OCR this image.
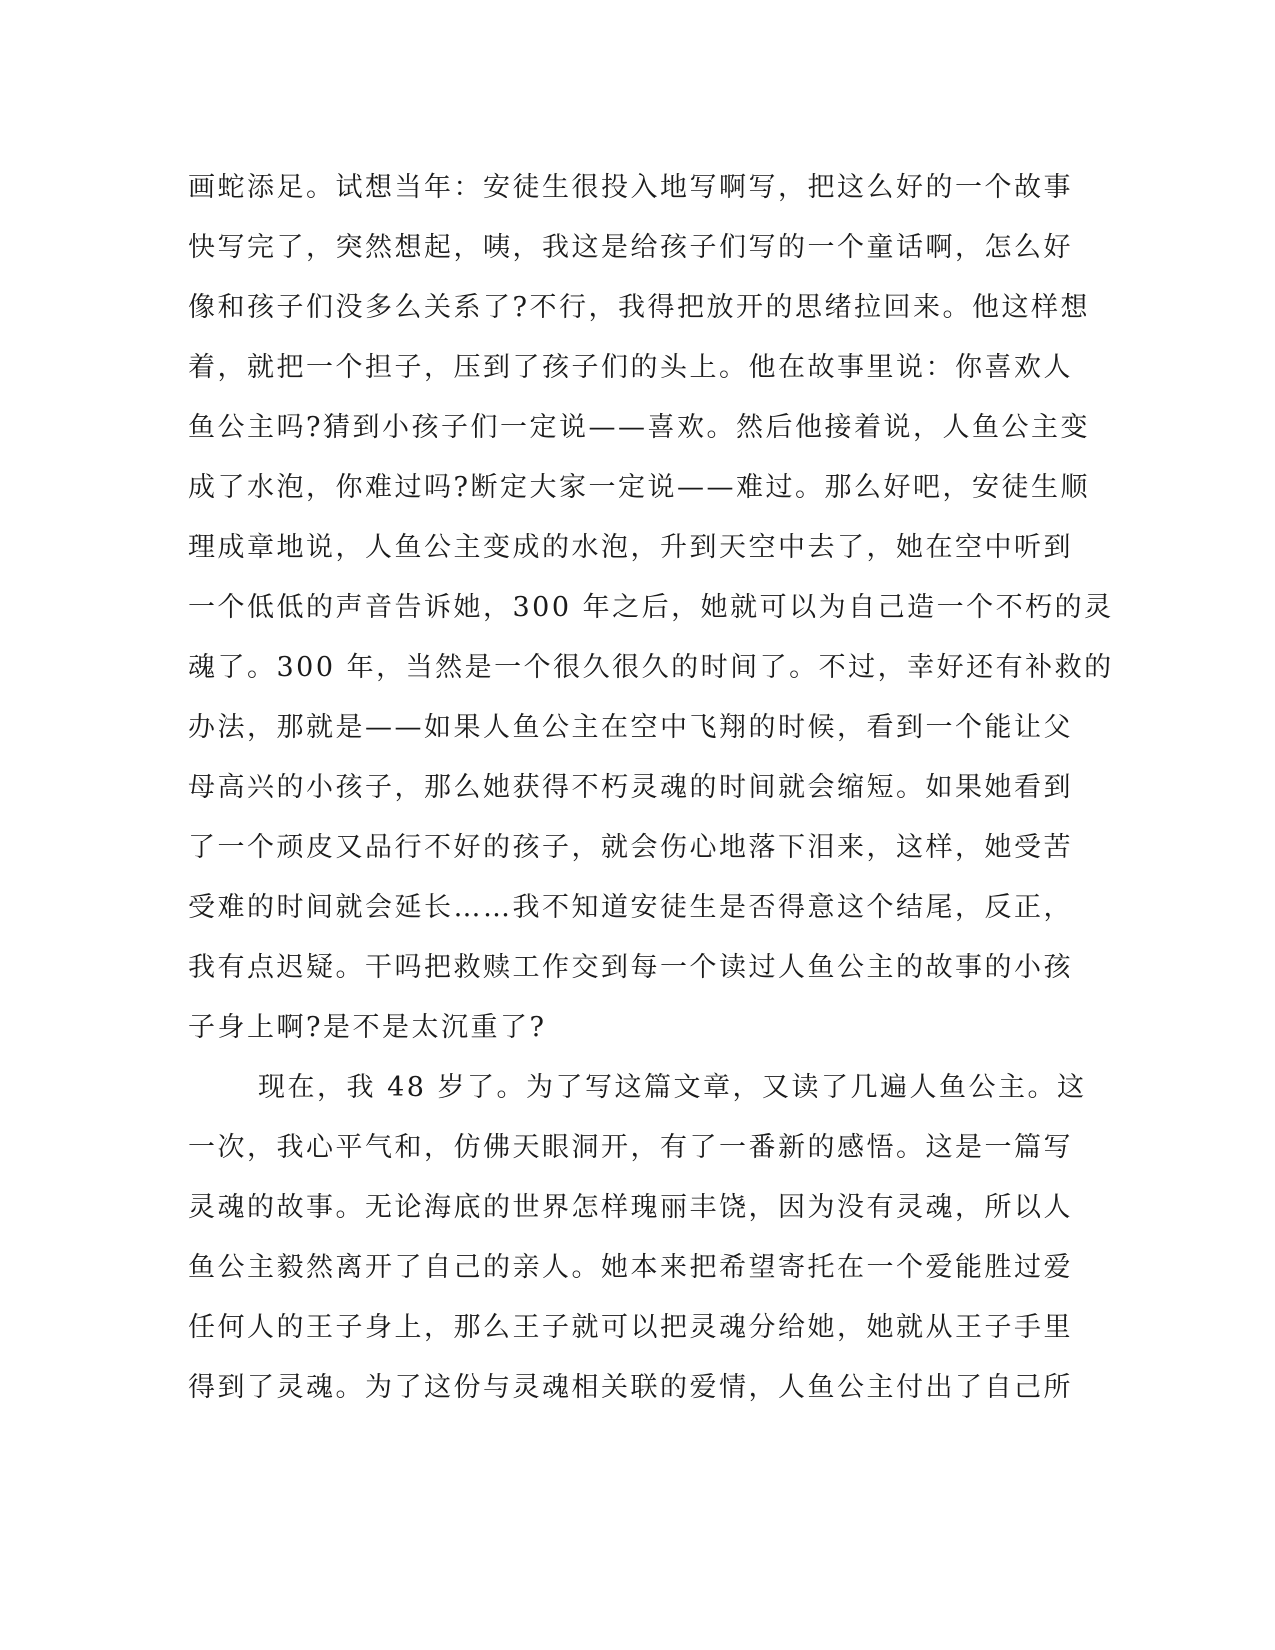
画蛇添足。试想当年：安徒生很投入地写啊写，把这么好的一个故事
快写完了，突然想起，咦，我这是给孩子们写的一个童话啊，怎么好
像和孩子们没多么关系了?不行，我得把放开的思绪拉回来。他这样想
着，就把一个担子，压到了孩子们的头上。他在故事里说：你喜欢人
鱼公主吗?猜到小孩子们一定说——喜欢。然后他接着说，人鱼公主变
成了水泡，你难过吗?断定大家一定说——难过。那么好吧，安徒生顺
理成章地说，人鱼公主变成的水泡，升到天空中去了，她在空中听到
一个低低的声音告诉她，300 年之后，她就可以为自己造一个不朽的灵
魂了。300 年，当然是一个很久很久的时间了。不过，幸好还有补救的
办法，那就是——如果人鱼公主在空中飞翔的时候，看到一个能让父
母高兴的小孩子，那么她获得不朽灵魂的时间就会缩短。如果她看到
了一个顽皮又品行不好的孩子，就会伤心地落下泪来，这样，她受苦
受难的时间就会延长……我不知道安徒生是否得意这个结尾，反正，
我有点迟疑。干吗把救赎工作交到每一个读过人鱼公主的故事的小孩
子身上啊?是不是太沉重了?
现在，我 48 岁了。为了写这篇文章，又读了几遍人鱼公主。这
一次，我心平气和，仿佛天眼洞开，有了一番新的感悟。这是一篇写
灵魂的故事。无论海底的世界怎样瑰丽丰饶，因为没有灵魂，所以人
鱼公主毅然离开了自己的亲人。她本来把希望寄托在一个爱能胜过爱
任何人的王子身上，那么王子就可以把灵魂分给她，她就从王子手里
得到了灵魂。为了这份与灵魂相关联的爱情，人鱼公主付出了自己所
